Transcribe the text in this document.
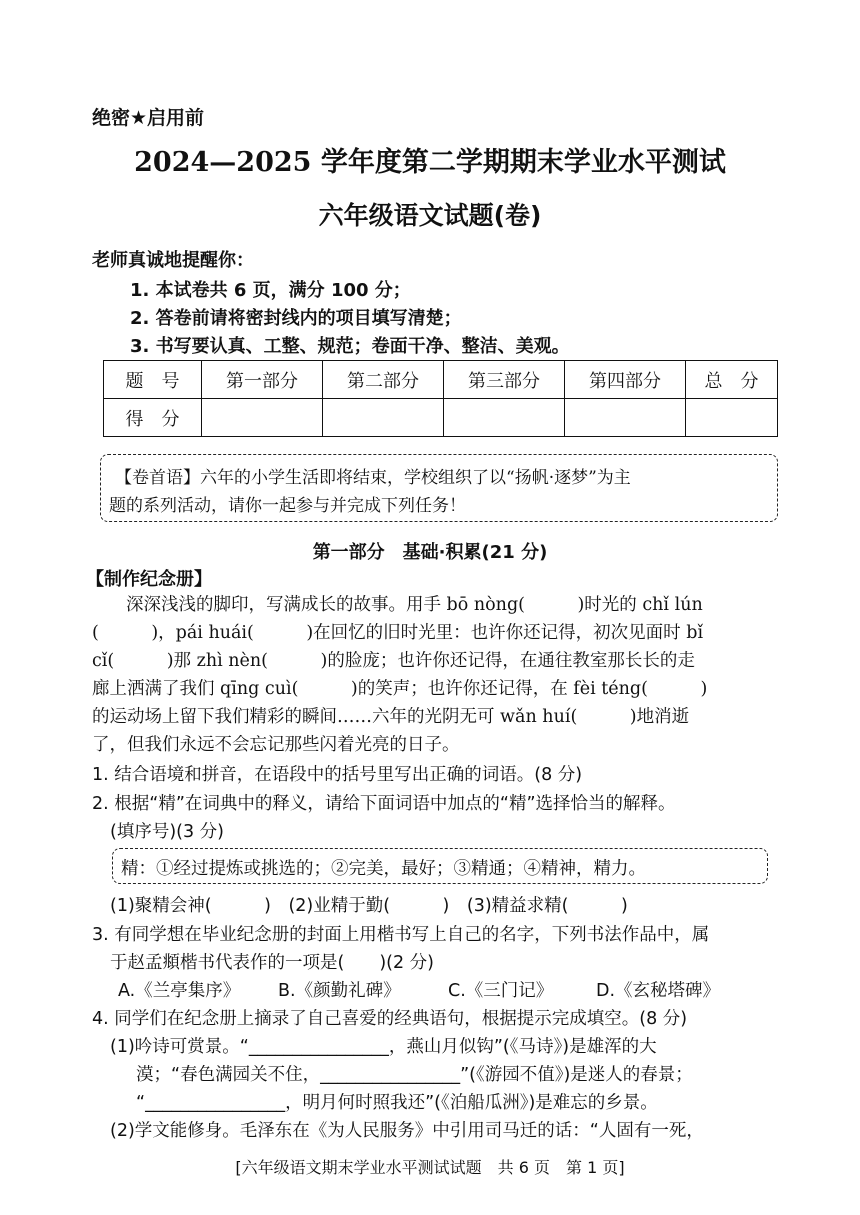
绝密★启用前
2024—2025 学年度第二学期期末学业水平测试
六年级语文试题(卷)
老师真诚地提醒你：
1. 本试卷共 6 页，满分 100 分；
2. 答卷前请将密封线内的项目填写清楚；
3. 书写要认真、工整、规范；卷面干净、整洁、美观。
题　号	第一部分	第二部分	第三部分	第四部分	总　分
得　分					
【卷首语】六年的小学生活即将结束，学校组织了以“扬帆·逐梦”为主
题的系列活动，请你一起参与并完成下列任务！
第一部分　基础·积累(21 分)
【制作纪念册】
深深浅浅的脚印，写满成长的故事。用手 bō nòng(　　　)时光的 chǐ lún
(　　　)，pái huái(　　　)在回忆的旧时光里：也许你还记得，初次见面时 bǐ
cǐ(　　　)那 zhì nèn(　　　)的脸庞；也许你还记得，在通往教室那长长的走
廊上洒满了我们 qīng cuì(　　　)的笑声；也许你还记得，在 fèi téng(　　　)
的运动场上留下我们精彩的瞬间……六年的光阴无可 wǎn huí(　　　)地消逝
了，但我们永远不会忘记那些闪着光亮的日子。
1. 结合语境和拼音，在语段中的括号里写出正确的词语。(8 分)
2. 根据“精”在词典中的释义，请给下面词语中加点的“精”选择恰当的解释。
(填序号)(3 分)
精：①经过提炼或挑选的；②完美，最好；③精通；④精神，精力。
(1)聚精会神(　　　)　(2)业精于勤(　　　)　(3)精益求精(　　　)
3. 有同学想在毕业纪念册的封面上用楷书写上自己的名字，下列书法作品中，属
于赵孟頫楷书代表作的一项是(　　)(2 分)
A.《兰亭集序》 B.《颜勤礼碑》	C.《三门记》 D.《玄秘塔碑》
4. 同学们在纪念册上摘录了自己喜爱的经典语句，根据提示完成填空。(8 分)
(1)吟诗可赏景。“________________，燕山月似钩”(《马诗》)是雄浑的大
漠；“春色满园关不住，________________”(《游园不值》)是迷人的春景；
“________________，明月何时照我还”(《泊船瓜洲》)是难忘的乡景。
(2)学文能修身。毛泽东在《为人民服务》中引用司马迁的话：“人固有一死，
[六年级语文期末学业水平测试试题　共 6 页　第 1 页]
